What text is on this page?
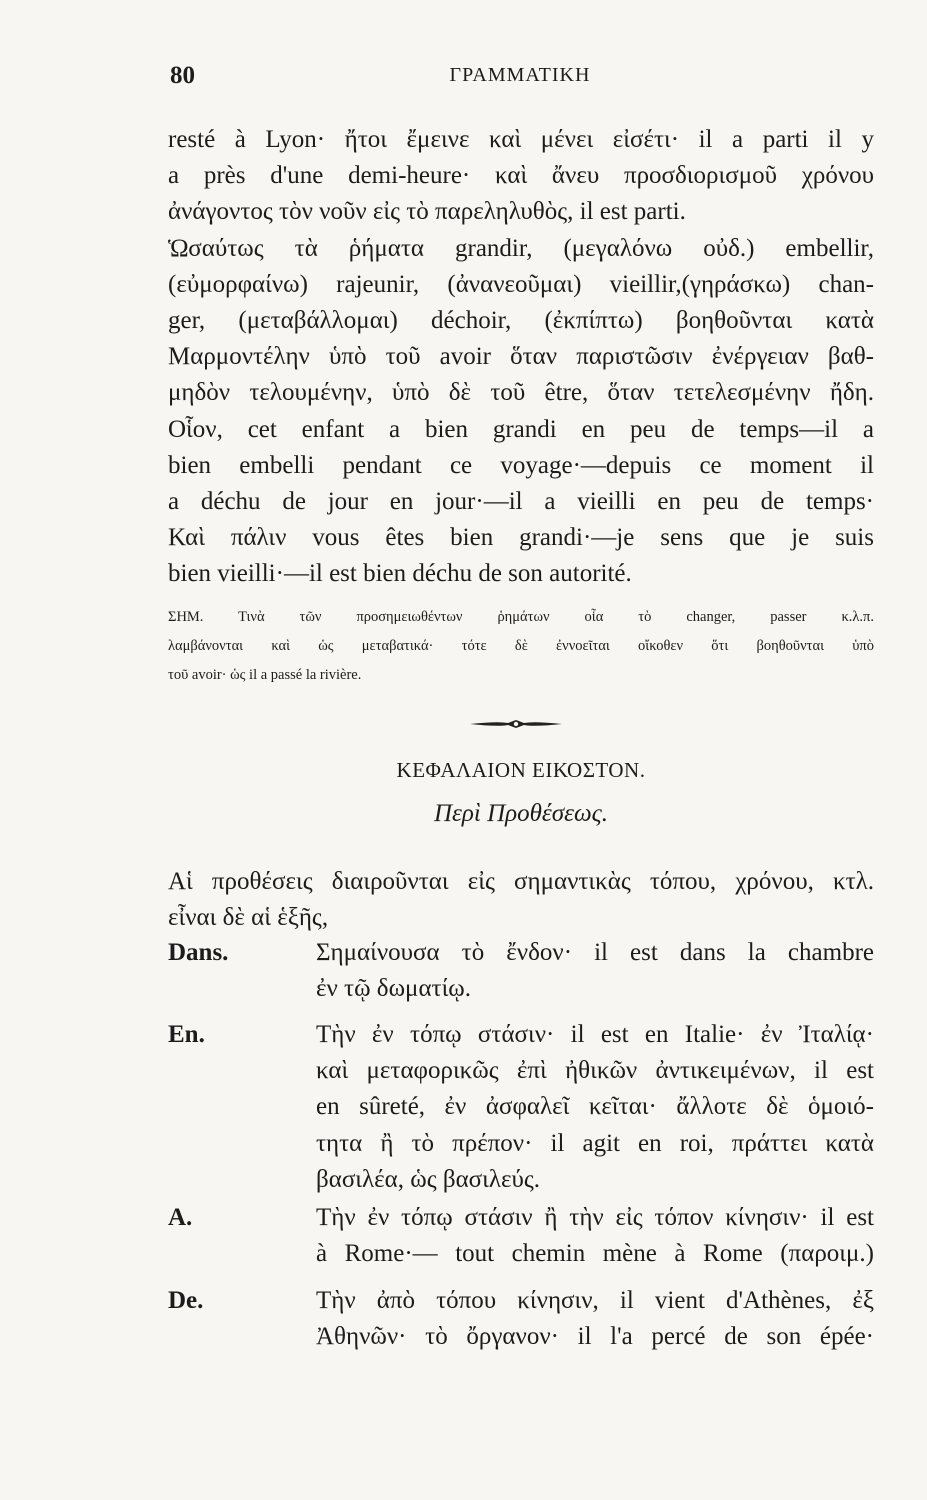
80	ΓΡΑΜΜΑΤΙΚΗ
resté à Lyon· ἤτοι ἔμεινε καὶ μένει εἰσέτι· il a parti il y
a près d'une demi-heure· καὶ ἄνευ προσδιορισμοῦ χρόνου
ἀνάγοντος τὸν νοῦν εἰς τὸ παρεληλυθὸς, il est parti.
Ὡσαύτως τὰ ῥήματα grandir, (μεγαλόνω οὐδ.) embellir,
(εὐμορφαίνω) rajeunir, (ἀνανεοῦμαι) vieillir,(γηράσκω) chan-
ger, (μεταβάλλομαι) déchoir, (ἐκπίπτω) βοηθοῦνται κατὰ
Μαρμοντέλην ὑπὸ τοῦ avoir ὅταν παριστῶσιν ἐνέργειαν βαθ-
μηδὸν τελουμένην, ὑπὸ δὲ τοῦ être, ὅταν τετελεσμένην ἤδη.
Οἷον, cet enfant a bien grandi en peu de temps—il a
bien embelli pendant ce voyage·—depuis ce moment il
a déchu de jour en jour·—il a vieilli en peu de temps·
Καὶ πάλιν vous êtes bien grandi·—je sens que je suis
bien vieilli·—il est bien déchu de son autorité.
ΣΗΜ. Τινὰ τῶν προσημειωθέντων ῥημάτων οἷα τὸ changer, passer κ.λ.π.
λαμβάνονται καὶ ὡς μεταβατικά· τότε δὲ ἐννοεῖται οἴκοθεν ὅτι βοηθοῦνται ὑπὸ
τοῦ avoir· ὡς il a passé la rivière.
ΚΕΦΑΛΑΙΟΝ ΕΙΚΟΣΤΟΝ.
Περὶ Προθέσεως.
Αἱ προθέσεις διαιροῦνται εἰς σημαντικὰς τόπου, χρόνου, κτλ.
εἶναι δὲ αἱ ἑξῆς,
Dans.	Σημαίνουσα τὸ ἔνδον· il est dans la chambre
ἐν τῷ δωματίῳ.
En.	Τὴν ἐν τόπῳ στάσιν· il est en Italie· ἐν Ἰταλίᾳ·
καὶ μεταφορικῶς ἐπὶ ἠθικῶν ἀντικειμένων, il est
en sûreté, ἐν ἀσφαλεῖ κεῖται· ἄλλοτε δὲ ὁμοιό-
τητα ἢ τὸ πρέπον· il agit en roi, πράττει κατὰ
βασιλέα, ὡς βασιλεύς.
A.	Τὴν ἐν τόπῳ στάσιν ἢ τὴν εἰς τόπον κίνησιν· il est
à Rome·— tout chemin mène à Rome (παροιμ.)
De.	Τὴν ἀπὸ τόπου κίνησιν, il vient d'Athènes, ἐξ
Ἀθηνῶν· τὸ ὄργανον· il l'a percé de son épée·
